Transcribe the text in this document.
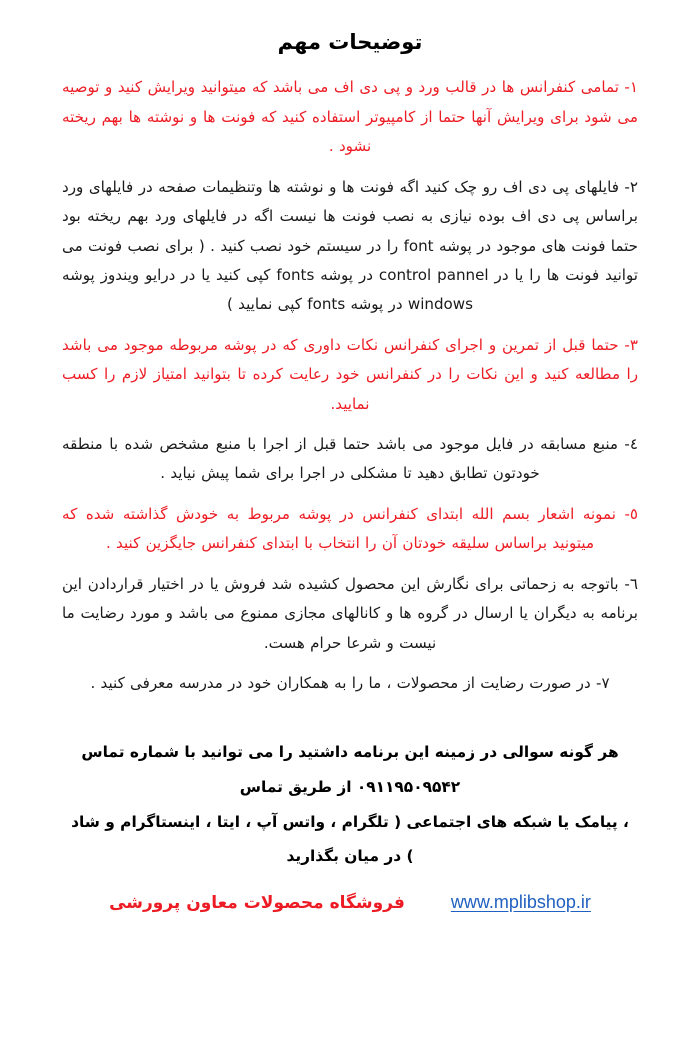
توضیحات مهم

۱- تمامی کنفرانس ها در قالب ورد و پی دی اف می باشد که میتوانید ویرایش کنید و توصیه می شود برای ویرایش آنها حتما از کامپیوتر استفاده کنید که فونت ها و نوشته ها بهم ریخته نشود .

۲- فایلهای پی دی اف رو چک کنید اگه فونت ها و نوشته ها وتنظیمات صفحه در فایلهای ورد براساس پی دی اف بوده نیازی به نصب فونت ها نیست اگه در فایلهای ورد بهم ریخته بود حتما فونت های موجود در پوشه font را در سیستم خود نصب کنید . ( برای نصب فونت می توانید فونت ها را یا در control pannel در پوشه fonts کپی کنید یا در درایو ویندوز پوشه windows در پوشه fonts کپی نمایید )

۳- حتما قبل از تمرین و اجرای کنفرانس نکات داوری که در پوشه مربوطه موجود می باشد را مطالعه کنید و این نکات را در کنفرانس خود رعایت کرده تا بتوانید امتیاز لازم را کسب نمایید.

٤- منبع مسابقه در فایل موجود می باشد حتما قبل از اجرا با منبع مشخص شده با منطقه خودتون تطابق دهید تا مشکلی در اجرا برای شما پیش نیاید .

٥- نمونه اشعار بسم الله ابتدای کنفرانس در پوشه مربوط به خودش گذاشته شده که میتونید براساس سلیقه خودتان آن را انتخاب با ابتدای کنفرانس جایگزین کنید .

٦- باتوجه به زحماتی برای نگارش این محصول کشیده شد فروش یا در اختیار قراردادن این برنامه به دیگران یا ارسال در گروه ها و کانالهای مجازی ممنوع می باشد و مورد رضایت ما نیست و شرعا حرام هست.

۷- در صورت رضایت از محصولات ، ما را به همکاران خود در مدرسه معرفی کنید .

هر گونه سوالی در زمینه این برنامه داشتید را می توانید با شماره تماس ۰۹۱۱۹۵۰۹۵۴۲ از طریق تماس
، پیامک یا شبکه های اجتماعی ( تلگرام ، واتس آپ ، ایتا ، اینستاگرام و شاد ) در میان بگذارید
فروشگاه محصولات معاون پرورشی	www.mplibshop.ir
